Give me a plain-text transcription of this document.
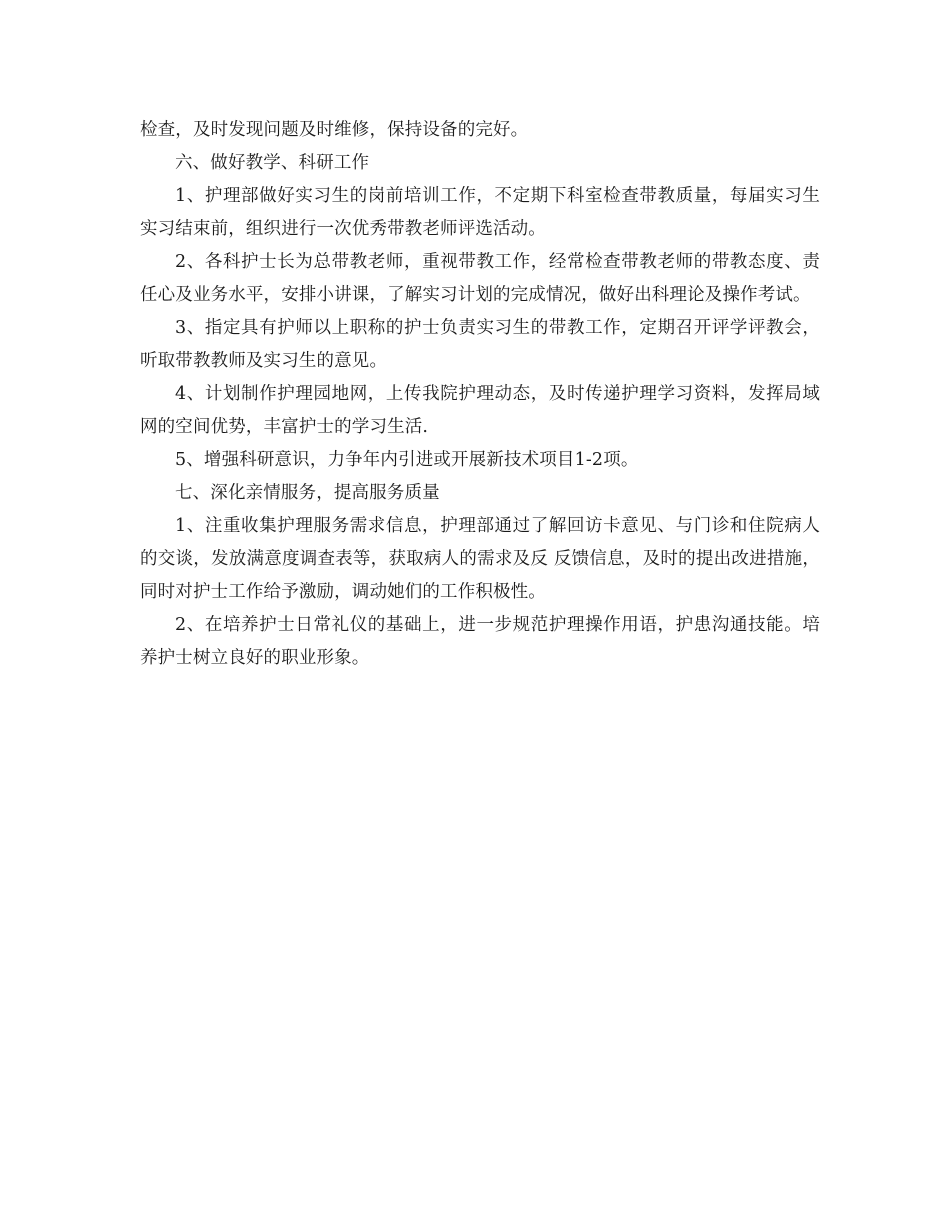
检查，及时发现问题及时维修，保持设备的完好。

六、做好教学、科研工作

1、护理部做好实习生的岗前培训工作，不定期下科室检查带教质量，每届实习生实习结束前，组织进行一次优秀带教老师评选活动。

2、各科护士长为总带教老师，重视带教工作，经常检查带教老师的带教态度、责任心及业务水平，安排小讲课，了解实习计划的完成情况，做好出科理论及操作考试。

3、指定具有护师以上职称的护士负责实习生的带教工作，定期召开评学评教会，听取带教教师及实习生的意见。

4、计划制作护理园地网，上传我院护理动态，及时传递护理学习资料，发挥局域网的空间优势，丰富护士的学习生活.

5、增强科研意识，力争年内引进或开展新技术项目1-2项。

七、深化亲情服务，提高服务质量

1、注重收集护理服务需求信息，护理部通过了解回访卡意见、与门诊和住院病人的交谈，发放满意度调查表等，获取病人的需求及反 反馈信息，及时的提出改进措施，同时对护士工作给予激励，调动她们的工作积极性。

2、在培养护士日常礼仪的基础上，进一步规范护理操作用语，护患沟通技能。培养护士树立良好的职业形象。
